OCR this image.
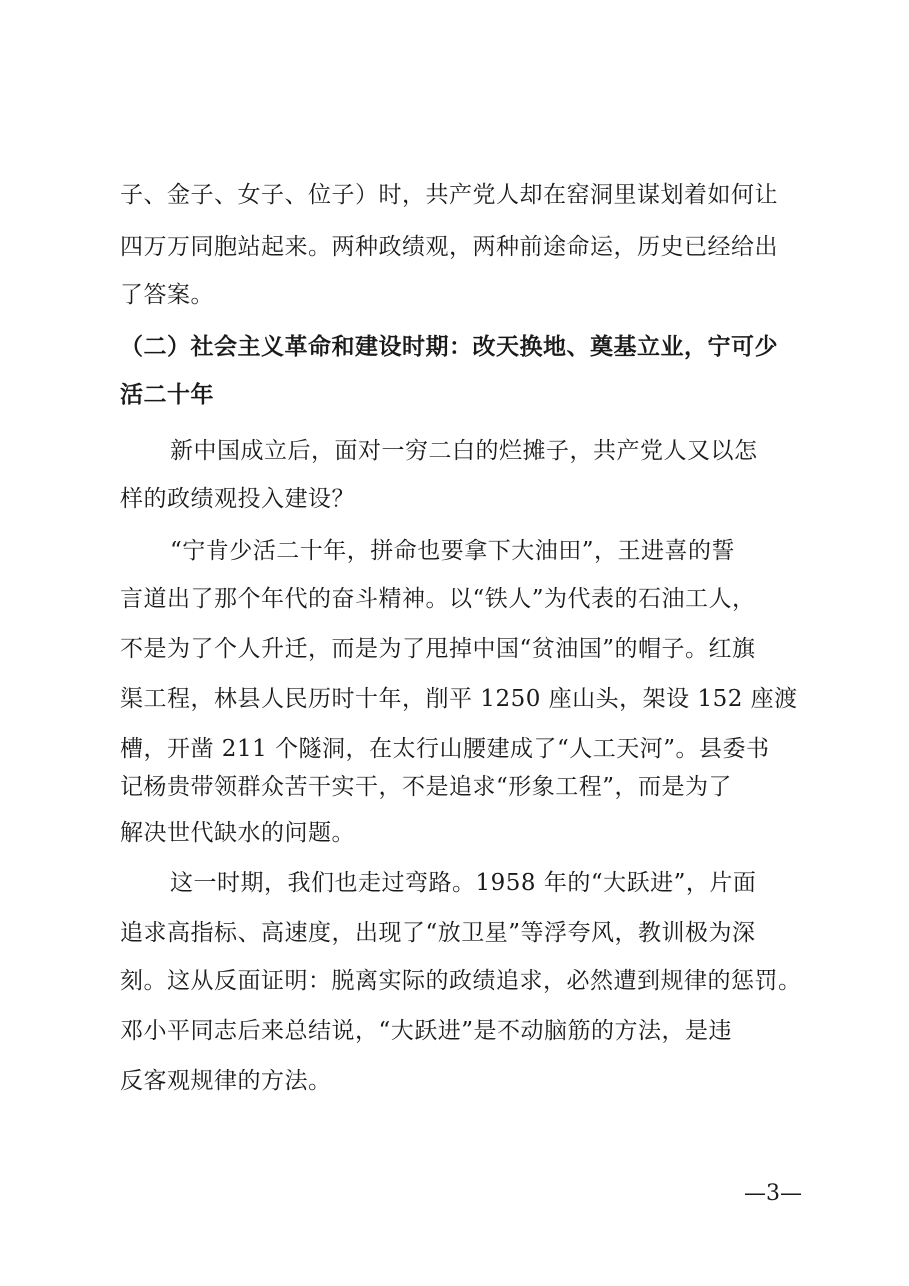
子、金子、女子、位子）时，共产党人却在窑洞里谋划着如何让
四万万同胞站起来。两种政绩观，两种前途命运，历史已经给出
了答案。
（二）社会主义革命和建设时期：改天换地、奠基立业，宁可少
活二十年
新中国成立后，面对一穷二白的烂摊子，共产党人又以怎
样的政绩观投入建设？
“宁肯少活二十年，拼命也要拿下大油田”，王进喜的誓
言道出了那个年代的奋斗精神。以“铁人”为代表的石油工人，
不是为了个人升迁，而是为了甩掉中国“贫油国”的帽子。红旗
渠工程，林县人民历时十年，削平 1250 座山头，架设 152 座渡
槽，开凿 211 个隧洞，在太行山腰建成了“人工天河”。县委书
记杨贵带领群众苦干实干，不是追求“形象工程”，而是为了
解决世代缺水的问题。
这一时期，我们也走过弯路。1958 年的“大跃进”，片面
追求高指标、高速度，出现了“放卫星”等浮夸风，教训极为深
刻。这从反面证明：脱离实际的政绩追求，必然遭到规律的惩罚。
邓小平同志后来总结说，“大跃进”是不动脑筋的方法，是违
反客观规律的方法。
—3—
